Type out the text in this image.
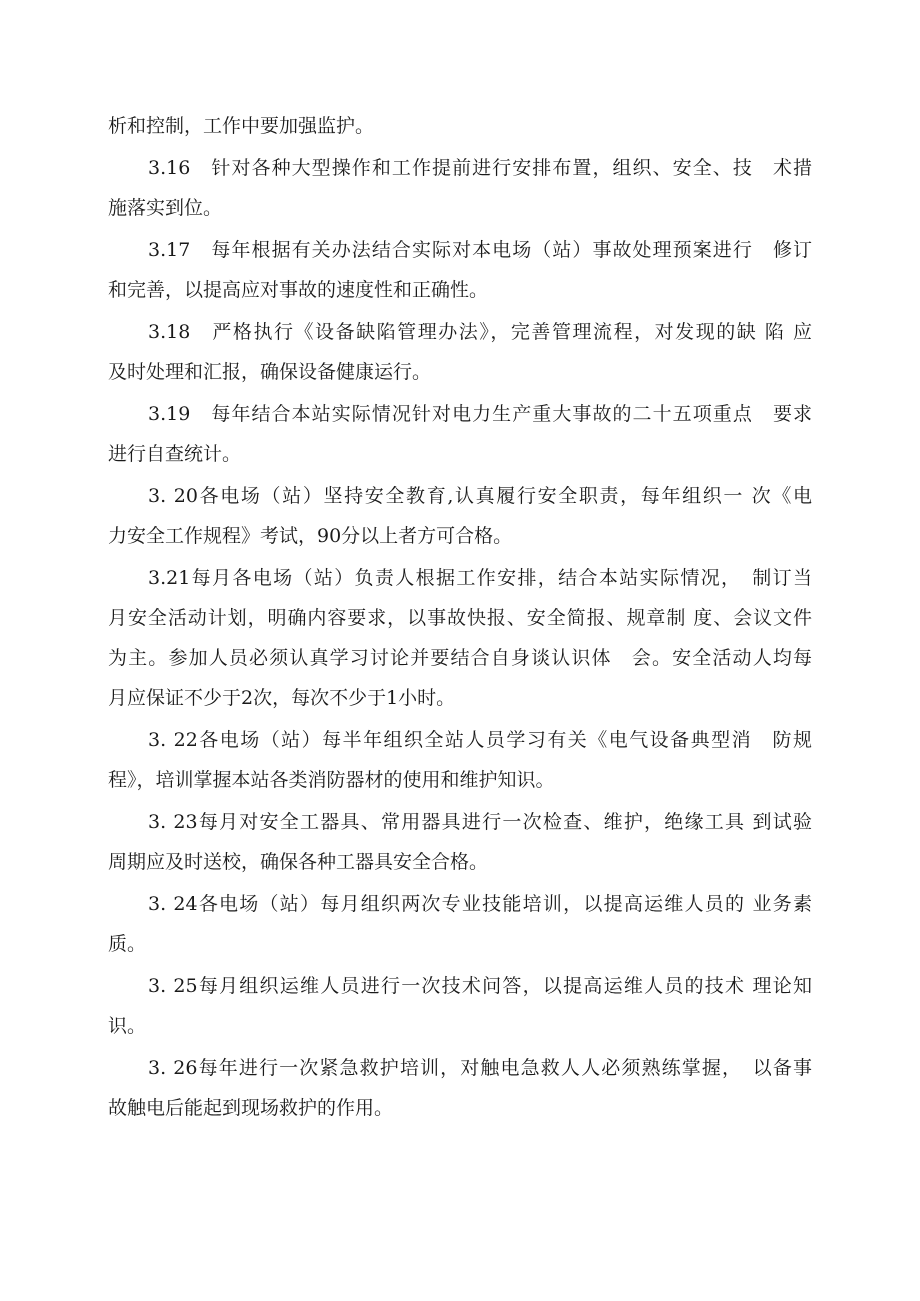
析和控制，工作中要加强监护。

3.16　针对各种大型操作和工作提前进行安排布置，组织、安全、技　术措
施落实到位。

3.17　每年根据有关办法结合实际对本电场（站）事故处理预案进行　修订
和完善，以提高应对事故的速度性和正确性。

3.18　严格执行《设备缺陷管理办法》，完善管理流程，对发现的缺 陷 应
及时处理和汇报，确保设备健康运行。

3.19　每年结合本站实际情况针对电力生产重大事故的二十五项重点　要求
进行自查统计。

3. 20各电场（站）坚持安全教育,认真履行安全职责，每年组织一 次《电
力安全工作规程》考试，90分以上者方可合格。

3.21每月各电场（站）负责人根据工作安排，结合本站实际情况，　制订当
月安全活动计划，明确内容要求，以事故快报、安全简报、规章制 度、会议文件
为主。参加人员必须认真学习讨论并要结合自身谈认识体　会。安全活动人均每
月应保证不少于2次，每次不少于1小时。

3. 22各电场（站）每半年组织全站人员学习有关《电气设备典型消　防规
程》，培训掌握本站各类消防器材的使用和维护知识。

3. 23每月对安全工器具、常用器具进行一次检查、维护，绝缘工具 到试验
周期应及时送校，确保各种工器具安全合格。

3. 24各电场（站）每月组织两次专业技能培训，以提高运维人员的 业务素
质。

3. 25每月组织运维人员进行一次技术问答，以提高运维人员的技术 理论知
识。

3. 26每年进行一次紧急救护培训，对触电急救人人必须熟练掌握，　以备事
故触电后能起到现场救护的作用。
